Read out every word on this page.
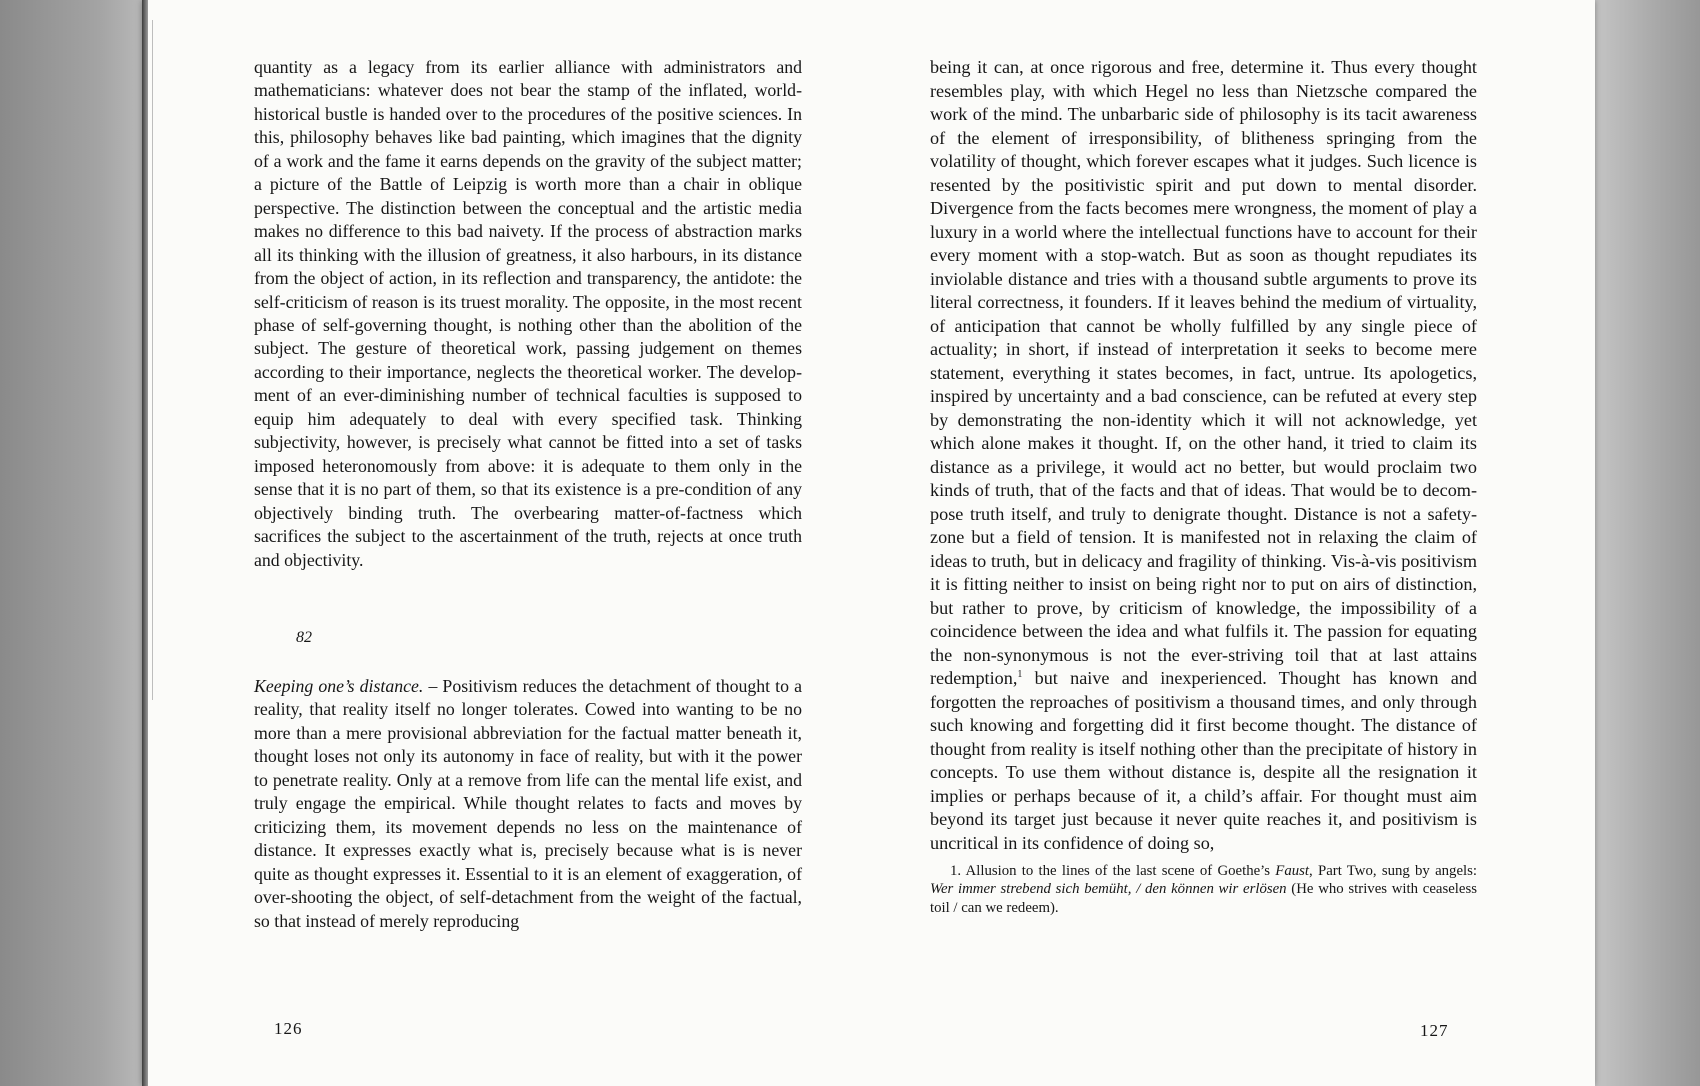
quantity as a legacy from its earlier alliance with administrators and mathematicians: whatever does not bear the stamp of the inflated, world-historical bustle is handed over to the procedures of the positive sciences. In this, philosophy behaves like bad painting, which imagines that the dignity of a work and the fame it earns depends on the gravity of the subject matter; a picture of the Battle of Leipzig is worth more than a chair in oblique perspective. The distinction between the conceptual and the artistic media makes no difference to this bad naivety. If the process of abstraction marks all its thinking with the illusion of greatness, it also harbours, in its distance from the object of action, in its reflection and transparency, the antidote: the self-criticism of reason is its truest morality. The opposite, in the most recent phase of self-governing thought, is nothing other than the abolition of the subject. The gesture of theoretical work, passing judgement on themes according to their importance, neglects the theoretical worker. The development of an ever-diminishing number of technical faculties is supposed to equip him adequately to deal with every specified task. Thinking subjectivity, however, is precisely what cannot be fitted into a set of tasks imposed heteronomously from above: it is adequate to them only in the sense that it is no part of them, so that its existence is a pre-condition of any objectively binding truth. The overbearing matter-of-factness which sacrifices the subject to the ascertainment of the truth, rejects at once truth and objectivity.

82

Keeping one’s distance. – Positivism reduces the detachment of thought to a reality, that reality itself no longer tolerates. Cowed into wanting to be no more than a mere provisional abbreviation for the factual matter beneath it, thought loses not only its autonomy in face of reality, but with it the power to penetrate reality. Only at a remove from life can the mental life exist, and truly engage the empirical. While thought relates to facts and moves by criticizing them, its movement depends no less on the maintenance of distance. It expresses exactly what is, precisely because what is is never quite as thought expresses it. Essential to it is an element of exaggeration, of over-shooting the object, of self-detachment from the weight of the factual, so that instead of merely reproducing

being it can, at once rigorous and free, determine it. Thus every thought resembles play, with which Hegel no less than Nietzsche compared the work of the mind. The unbarbaric side of philosophy is its tacit awareness of the element of irresponsibility, of blitheness springing from the volatility of thought, which forever escapes what it judges. Such licence is resented by the positivistic spirit and put down to mental disorder. Divergence from the facts becomes mere wrongness, the moment of play a luxury in a world where the intellectual functions have to account for their every moment with a stop-watch. But as soon as thought repudiates its inviolable distance and tries with a thousand subtle arguments to prove its literal correctness, it founders. If it leaves behind the medium of virtuality, of anticipation that cannot be wholly fulfilled by any single piece of actuality; in short, if instead of interpretation it seeks to become mere statement, everything it states becomes, in fact, untrue. Its apologetics, inspired by uncertainty and a bad conscience, can be refuted at every step by demonstrating the non-identity which it will not acknowledge, yet which alone makes it thought. If, on the other hand, it tried to claim its distance as a privilege, it would act no better, but would proclaim two kinds of truth, that of the facts and that of ideas. That would be to decompose truth itself, and truly to denigrate thought. Distance is not a safety-zone but a field of tension. It is manifested not in relaxing the claim of ideas to truth, but in delicacy and fragility of thinking. Vis-à-vis positivism it is fitting neither to insist on being right nor to put on airs of distinction, but rather to prove, by criticism of knowledge, the impossibility of a coincidence between the idea and what fulfils it. The passion for equating the non-synonymous is not the ever-striving toil that at last attains redemption,$^1$ but naive and inexperienced. Thought has known and forgotten the reproaches of positivism a thousand times, and only through such knowing and forgetting did it first become thought. The distance of thought from reality is itself nothing other than the precipitate of history in concepts. To use them without distance is, despite all the resignation it implies or perhaps because of it, a child’s affair. For thought must aim beyond its target just because it never quite reaches it, and positivism is uncritical in its confidence of doing so,

1. Allusion to the lines of the last scene of Goethe’s Faust, Part Two, sung by angels: Wer immer strebend sich bemüht, / den können wir erlösen (He who strives with ceaseless toil / can we redeem).

126	127
